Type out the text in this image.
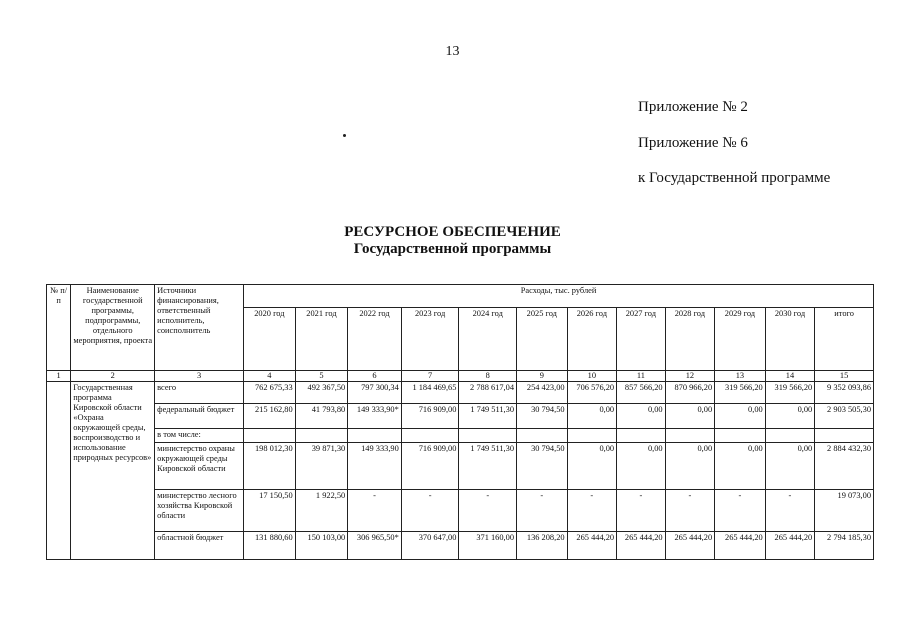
13
Приложение № 2
Приложение № 6
к Государственной программе
РЕСУРСНОЕ ОБЕСПЕЧЕНИЕ
Государственной программы
№ п/п	Наименование государственной программы, подпрограммы, отдельного мероприятия, проекта	Источники финансирования, ответственный исполнитель, соисполнитель	Расходы, тыс. рублей											
			2020 год	2021 год	2022 год	2023 год	2024 год	2025 год	2026 год	2027 год	2028 год	2029 год	2030 год	итого
1	2	3	4	5	6	7	8	9	10	11	12	13	14	15
	Государственная программа Кировской области «Охрана окружающей среды, воспроизводство и использование природных ресурсов»	всего	762 675,33	492 367,50	797 300,34	1 184 469,65	2 788 617,04	254 423,00	706 576,20	857 566,20	870 966,20	319 566,20	319 566,20	9 352 093,86
		федеральный бюджет	215 162,80	41 793,80	149 333,90*	716 909,00	1 749 511,30	30 794,50	0,00	0,00	0,00	0,00	0,00	2 903 505,30
		в том числе:												
		министерство охраны окружающей среды Кировской области	198 012,30	39 871,30	149 333,90	716 909,00	1 749 511,30	30 794,50	0,00	0,00	0,00	0,00	0,00	2 884 432,30
		министерство лесного хозяйства Кировской области	17 150,50	1 922,50	-	-	-	-	-	-	-	-	-	19 073,00
		областной бюджет	131 880,60	150 103,00	306 965,50*	370 647,00	371 160,00	136 208,20	265 444,20	265 444,20	265 444,20	265 444,20	265 444,20	2 794 185,30
